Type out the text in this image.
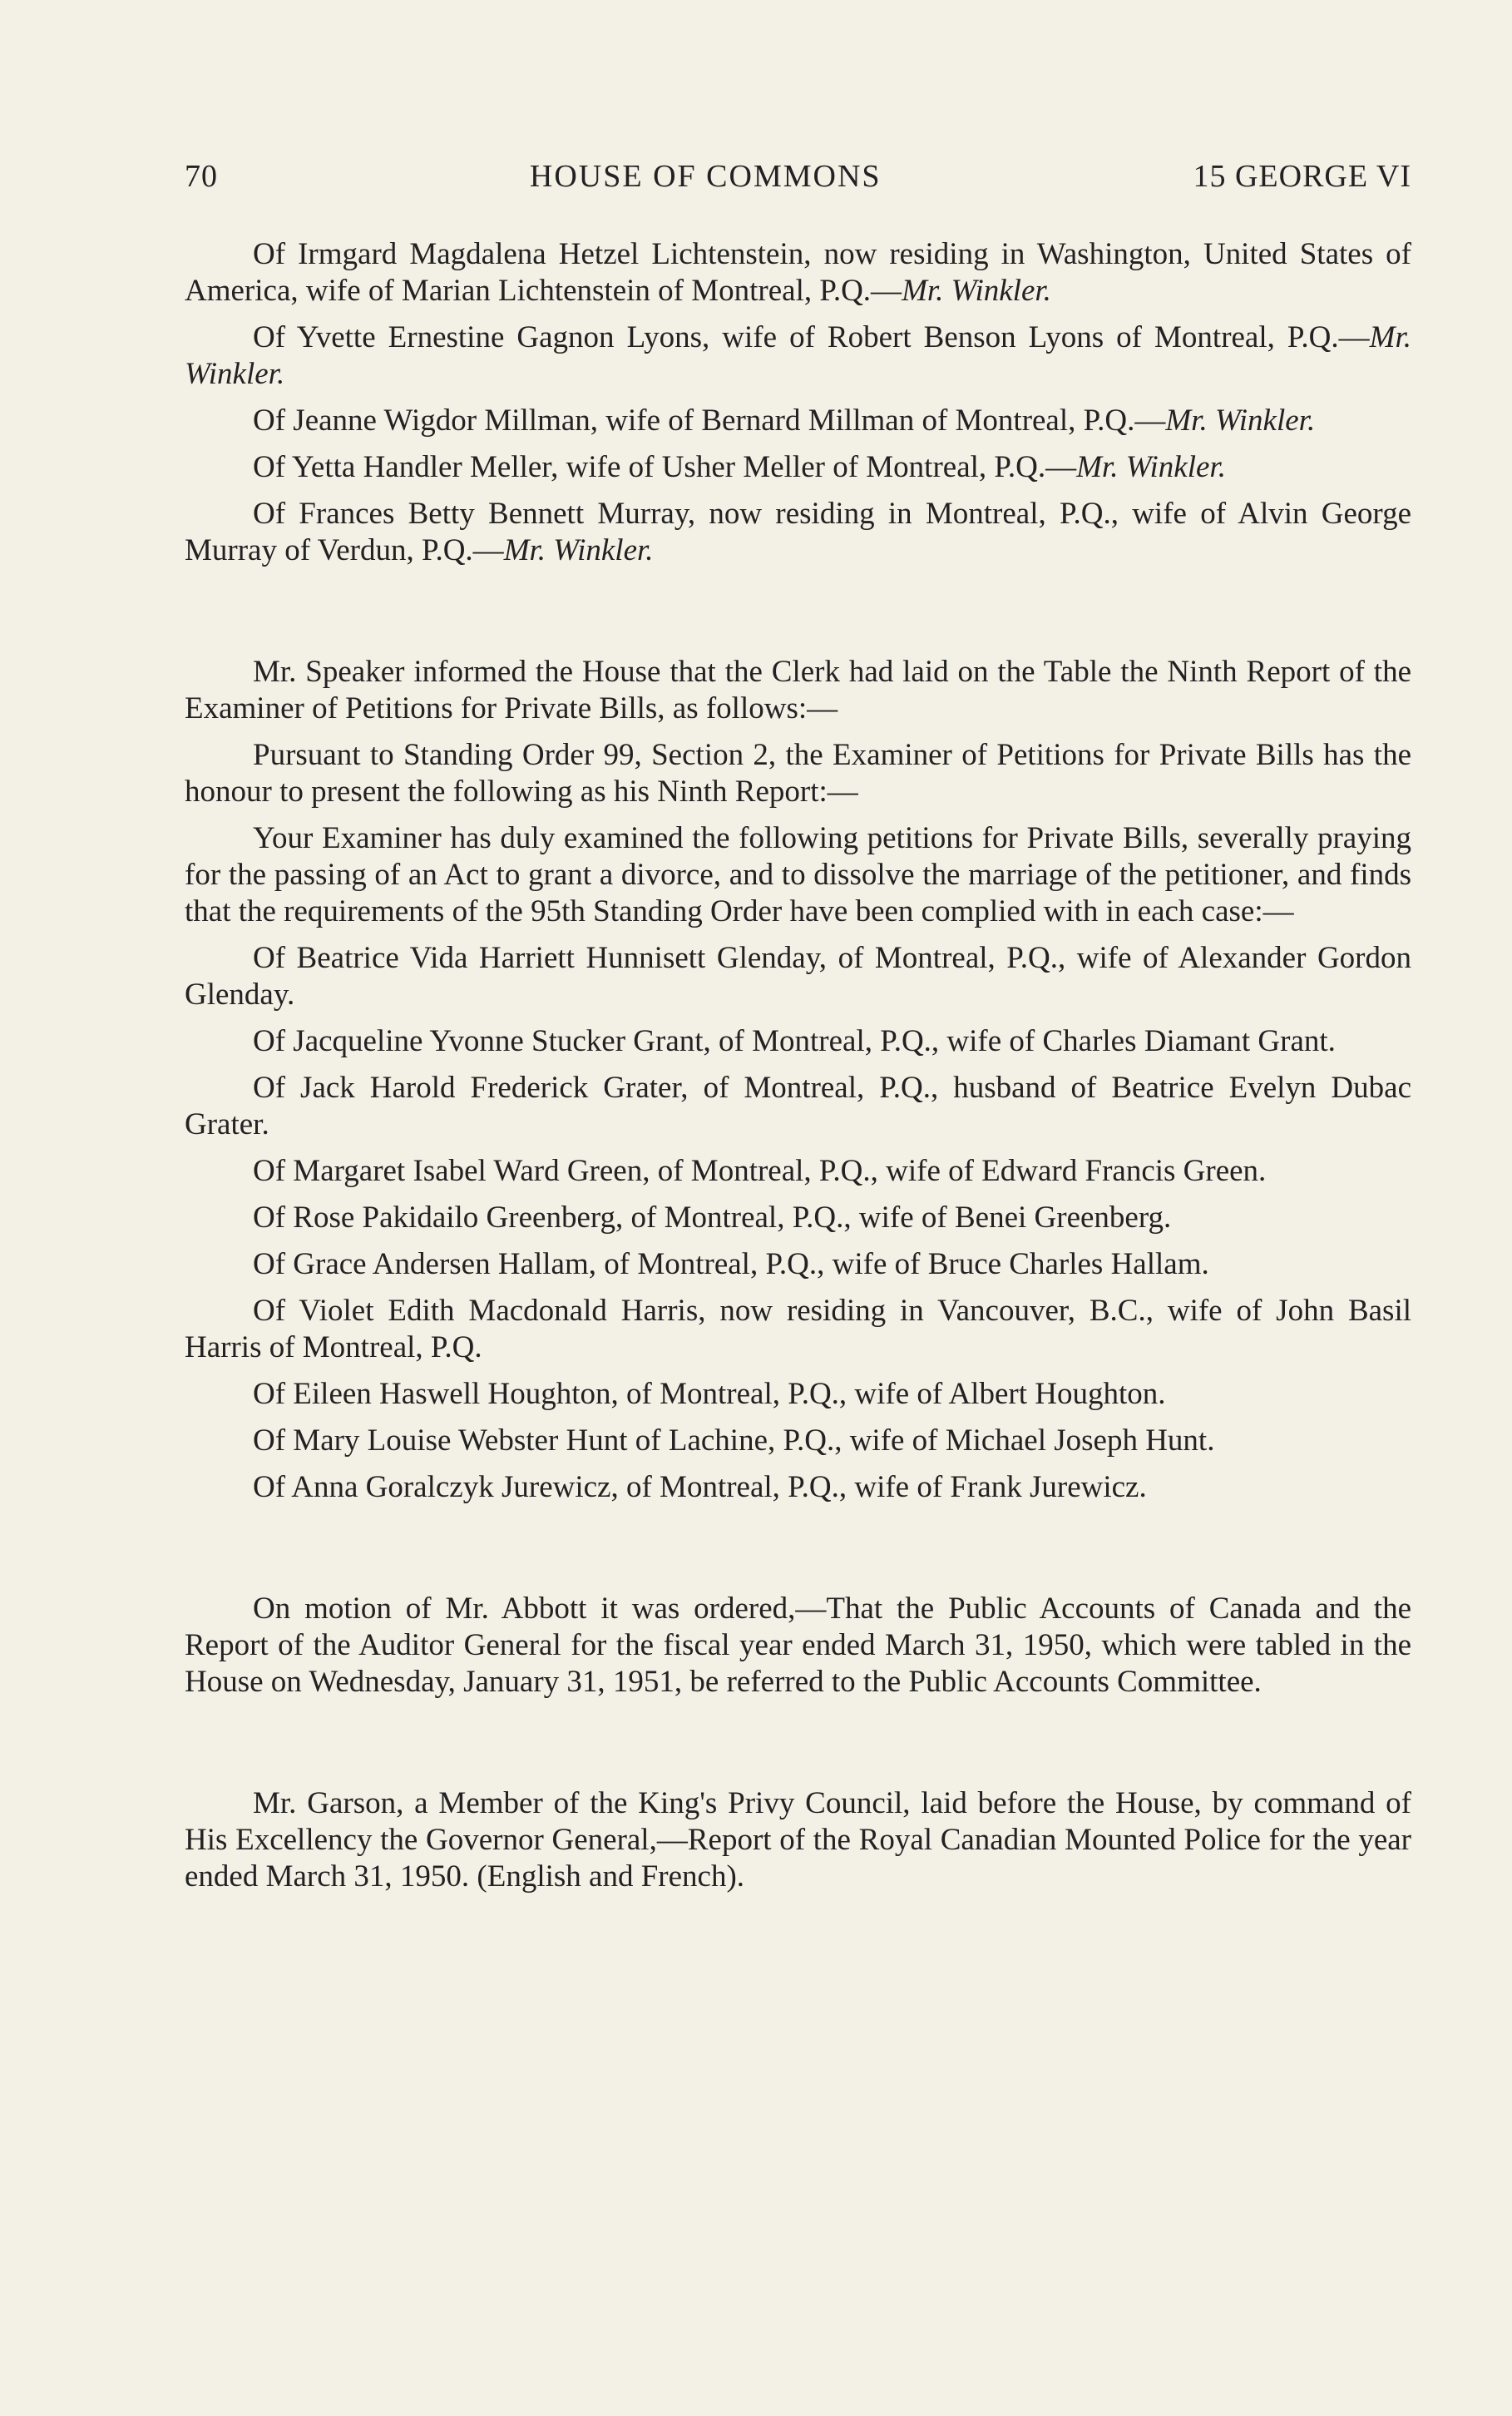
70	HOUSE OF COMMONS	15 GEORGE VI

Of Irmgard Magdalena Hetzel Lichtenstein, now residing in Washington, United States of America, wife of Marian Lichtenstein of Montreal, P.Q.—Mr. Winkler.

Of Yvette Ernestine Gagnon Lyons, wife of Robert Benson Lyons of Montreal, P.Q.—Mr. Winkler.

Of Jeanne Wigdor Millman, wife of Bernard Millman of Montreal, P.Q.—Mr. Winkler.

Of Yetta Handler Meller, wife of Usher Meller of Montreal, P.Q.—Mr. Winkler.

Of Frances Betty Bennett Murray, now residing in Montreal, P.Q., wife of Alvin George Murray of Verdun, P.Q.—Mr. Winkler.

Mr. Speaker informed the House that the Clerk had laid on the Table the Ninth Report of the Examiner of Petitions for Private Bills, as follows:—

Pursuant to Standing Order 99, Section 2, the Examiner of Petitions for Private Bills has the honour to present the following as his Ninth Report:—

Your Examiner has duly examined the following petitions for Private Bills, severally praying for the passing of an Act to grant a divorce, and to dissolve the marriage of the petitioner, and finds that the requirements of the 95th Standing Order have been complied with in each case:—

Of Beatrice Vida Harriett Hunnisett Glenday, of Montreal, P.Q., wife of Alexander Gordon Glenday.

Of Jacqueline Yvonne Stucker Grant, of Montreal, P.Q., wife of Charles Diamant Grant.

Of Jack Harold Frederick Grater, of Montreal, P.Q., husband of Beatrice Evelyn Dubac Grater.

Of Margaret Isabel Ward Green, of Montreal, P.Q., wife of Edward Francis Green.

Of Rose Pakidailo Greenberg, of Montreal, P.Q., wife of Benei Greenberg.

Of Grace Andersen Hallam, of Montreal, P.Q., wife of Bruce Charles Hallam.

Of Violet Edith Macdonald Harris, now residing in Vancouver, B.C., wife of John Basil Harris of Montreal, P.Q.

Of Eileen Haswell Houghton, of Montreal, P.Q., wife of Albert Houghton.

Of Mary Louise Webster Hunt of Lachine, P.Q., wife of Michael Joseph Hunt.

Of Anna Goralczyk Jurewicz, of Montreal, P.Q., wife of Frank Jurewicz.

On motion of Mr. Abbott it was ordered,—That the Public Accounts of Canada and the Report of the Auditor General for the fiscal year ended March 31, 1950, which were tabled in the House on Wednesday, January 31, 1951, be referred to the Public Accounts Committee.

Mr. Garson, a Member of the King's Privy Council, laid before the House, by command of His Excellency the Governor General,—Report of the Royal Canadian Mounted Police for the year ended March 31, 1950. (English and French).
